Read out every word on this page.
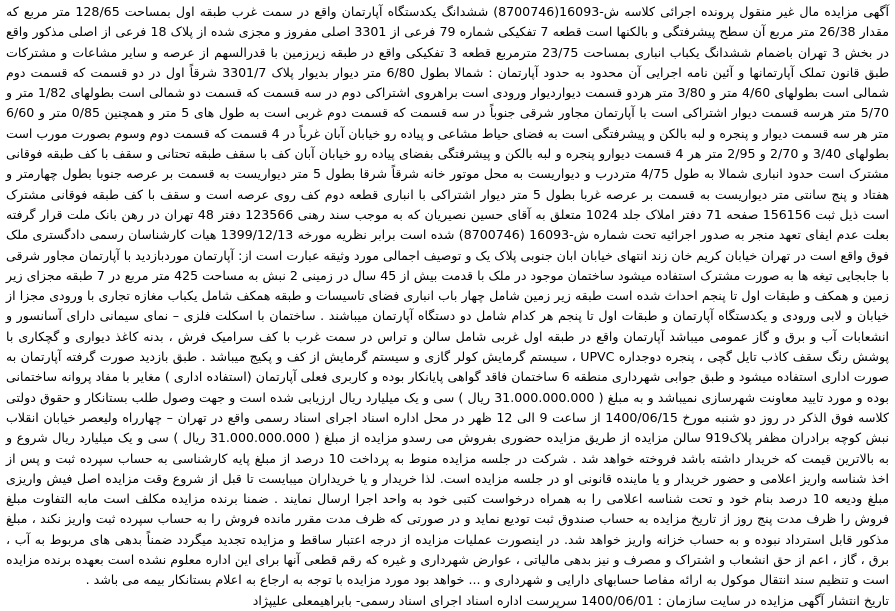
آگهی مزایده مال غیر منقول پرونده اجرائی کلاسه ش-16093(8700746) ششدانگ یکدستگاه آپارتمان واقع در سمت غرب طبقه اول بمساحت 128/65 متر مربع که مقدار 26/38 متر مربع آن سطح پیشرفتگی و بالکنها است قطعه 7 تفکیکی شماره 79 فرعی از 3301 اصلی مفروز و مجزی شده از پلاک 18 فرعی از اصلی مذکور واقع در بخش 3 تهران باضمام ششدانگ یکباب انباری بمساحت 23/75 مترمربع قطعه 3 تفکیکی واقع در طبقه زیرزمین با قدرالسهم از عرصه و سایر مشاعات و مشترکات طبق قانون تملک آپارتمانها و آئین نامه اجرایی آن محدود به حدود آپارتمان : شمالا بطول 6/80 متر دیوار بدیوار پلاک 3301/7 شرقاً اول در دو قسمت که قسمت دوم شمالی است بطولهای 4/60 متر و 3/80 متر هردو قسمت دیواردیوار ورودی است براهروی اشتراکی دوم در سه قسمت که قسمت دو شمالی است بطولهای 1/82 متر و 5/70 متر هرسه قسمت دیوار اشتراکی است با آپارتمان مجاور شرقی جنوباً در سه قسمت که قسمت دوم غربی است به طول های 5 متر و همچنین 0/85 متر و 6/60 متر هر سه قسمت دیوار و پنجره و لبه بالکن و پیشرفتگی است به فضای حیاط مشاعی و پیاده رو خیابان آبان غرباً در 4 قسمت که قسمت دوم وسوم بصورت مورب است بطولهای 3/40 و 2/70 و 2/95 متر هر 4 قسمت دیوارو پنجره و لبه بالکن و پیشرفتگی بفضای پیاده رو خیابان آبان کف با سقف طبقه تحتانی و سقف با کف طبقه فوقانی مشترک است حدود انباری شمالا به طول 4/75 متردرب و دیواریست به محل موتور خانه شرقاً شرقا بطول 5 متر دیواریست به قسمت بر عرصه جنوبا بطول چهارمتر و هفتاد و پنج سانتی متر دیواریست به قسمت بر عرصه غربا بطول 5 متر دیوار اشتراکی با انباری قطعه دوم کف روی عرصه است و سقف با کف طبقه فوقانی مشترک است ذیل ثبت 156156 صفحه 71 دفتر املاک جلد 1024 متعلق به آقای حسین نصیریان که به موجب سند رهنی 123566 دفتر 48 تهران در رهن بانک ملت قرار گرفته بعلت عدم ایفای تعهد منجر به صدور اجرائیه تحت شماره ش-16093 (8700746) شده است برابر نظریه مورخه 1399/12/13 هیات کارشناسان رسمی دادگستری ملک فوق واقع است در تهران خیابان کریم خان زند انتهای خیابان ابان جنوبی پلاک یک و توصیف اجمالی مورد وثیقه عبارت است از: آپارتمان موردبازدید با آپارتمان مجاور شرقی با جابجایی تیغه ها به صورت مشترک استفاده میشود ساختمان موجود در ملک با قدمت بیش از 45 سال در زمینی 2 نبش به مساحت 425 متر مربع در 7 طبقه مجزای زیر زمین و همکف و طبقات اول تا پنجم احداث شده است طبقه زیر زمین شامل چهار باب انباری فضای تاسیسات و طبقه همکف شامل یکباب مغازه تجاری با ورودی مجزا از خیابان و لابی ورودی و یکدستگاه آپارتمان و طبقات اول تا پنجم هر کدام شامل دو دستگاه آپارتمان میباشند . ساختمان با اسکلت فلزی – نمای سیمانی دارای آسانسور و انشعابات آب و برق و گاز عمومی میباشد آپارتمان واقع در طبقه اول غربی شامل سالن و تراس در سمت غرب با کف سرامیک فرش ، بدنه کاغذ دیواری و گچکاری با پوشش رنگ سقف کاذب تایل گچی ، پنجره دوجداره UPVC ، سیستم گرمایش کولر گازی و سیستم گرمایش از کف و پکیج میباشد . طبق بازدید صورت گرفته آپارتمان به صورت اداری استفاده میشود و طبق جوابی شهرداری منطقه 6 ساختمان فاقد گواهی پایانکار بوده و کاربری فعلی آپارتمان (استفاده اداری ) مغایر با مفاد پروانه ساختمانی بوده و مورد تایید معاونت شهرسازی نمیباشد و به مبلغ ( 31.000.000.000 ریال ) سی و یک میلیارد ریال ارزیابی شده است و جهت وصول طلب بستانکار و حقوق دولتی کلاسه فوق الذکر در روز دو شنبه مورخ 1400/06/15 از ساعت 9 الی 12 ظهر در محل اداره اسناد اجرای اسناد رسمی واقع در تهران – چهارراه ولیعصر خیابان انقلاب نبش کوچه برادران مظفر پلاک919 سالن مزایده از طریق مزایده حضوری بفروش می رسدو مزایده از مبلغ ( 31.000.000.000 ریال ) سی و یک میلیارد ریال شروع و به بالاترین قیمت که خریدار داشته باشد فروخته خواهد شد . شرکت در جلسه مزایده منوط به پرداخت 10 درصد از مبلغ پایه کارشناسی به حساب سپرده ثبت و پس از اخذ شناسه واریز اعلامی و حضور خریدار و یا ماینده قانونی او در جلسه مزایده است. لذا خریدار و یا خریداران میبایست تا قبل از شروع وقت مزایده اصل فیش واریزی مبلغ ودیعه 10 درصد بنام خود و تحت شناسه اعلامی را به همراه درخواست کتبی خود به واحد اجرا ارسال نمایند . ضمنا برنده مزایده مکلف است مابه التفاوت مبلغ فروش را ظرف مدت پنج روز از تاریخ مزایده به حساب صندوق ثبت تودیع نماید و در صورتی که ظرف مدت مقرر مانده فروش را به حساب سپرده ثبت واریز نکند ، مبلغ مذکور قابل استرداد نبوده و به حساب خزانه واریز خواهد شد. در اینصورت عملیات مزایده از درجه اعتبار ساقط و مزایده تجدید میگردد ضمناً بدهی های مربوط به آب ، برق ، گاز ، اعم از حق انشعاب و اشتراک و مصرف و نیز بدهی مالیاتی ، عوارض شهرداری و غیره که رقم قطعی آنها برای این اداره معلوم نشده است بعهده برنده مزایده است و تنظیم سند انتقال موکول به ارائه مفاصا حسابهای دارایی و شهرداری و ... خواهد بود مورد مزایده با توجه به ارجاع به اعلام بستانکار بیمه می باشد .

تاریخ انتشار آگهی مزایده در سایت سازمان : 1400/06/01 سرپرست اداره اسناد اجرای اسناد رسمی- بابراهیمعلی علیپژاد
